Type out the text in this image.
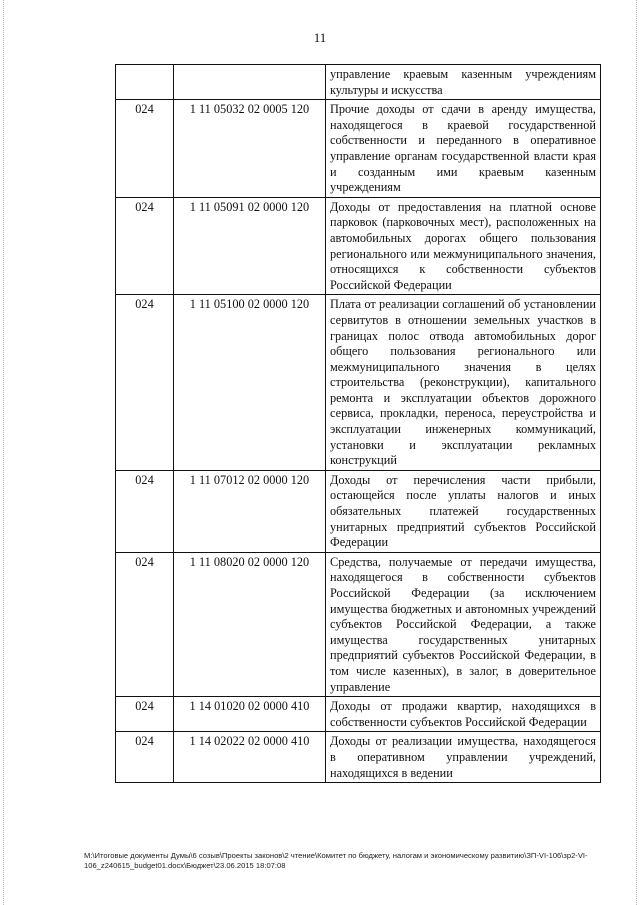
11
		управление краевым казенным учреждениям культуры и искусства
024	1 11 05032 02 0005 120	Прочие доходы от сдачи в аренду имущества, находящегося в краевой государственной собственности и переданного в оперативное управление органам государственной власти края и созданным ими краевым казенным учреждениям
024	1 11 05091 02 0000 120	Доходы от предоставления на платной основе парковок (парковочных мест), расположенных на автомобильных дорогах общего пользования регионального или межмуниципального значения, относящихся к собственности субъектов Российской Федерации
024	1 11 05100 02 0000 120	Плата от реализации соглашений об установлении сервитутов в отношении земельных участков в границах полос отвода автомобильных дорог общего пользования регионального или межмуниципального значения в целях строительства (реконструкции), капитального ремонта и эксплуатации объектов дорожного сервиса, прокладки, переноса, переустройства и эксплуатации инженерных коммуникаций, установки и эксплуатации рекламных конструкций
024	1 11 07012 02 0000 120	Доходы от перечисления части прибыли, остающейся после уплаты налогов и иных обязательных платежей государственных унитарных предприятий субъектов Российской Федерации
024	1 11 08020 02 0000 120	Средства, получаемые от передачи имущества, находящегося в собственности субъектов Российской Федерации (за исключением имущества бюджетных и автономных учреждений субъектов Российской Федерации, а также имущества государственных унитарных предприятий субъектов Российской Федерации, в том числе казенных), в залог, в доверительное управление
024	1 14 01020 02 0000 410	Доходы от продажи квартир, находящихся в собственности субъектов Российской Федерации
024	1 14 02022 02 0000 410	Доходы от реализации имущества, находящегося в оперативном управлении учреждений, находящихся в ведении
M:\Итоговые документы Думы\6 созыв\Проекты законов\2 чтение\Комитет по бюджету, налогам и экономическому развитию\ЗП-VI-106\зр2-VI-106_z240615_budget01.docx\Бюджет\23.06.2015 18:07:08
